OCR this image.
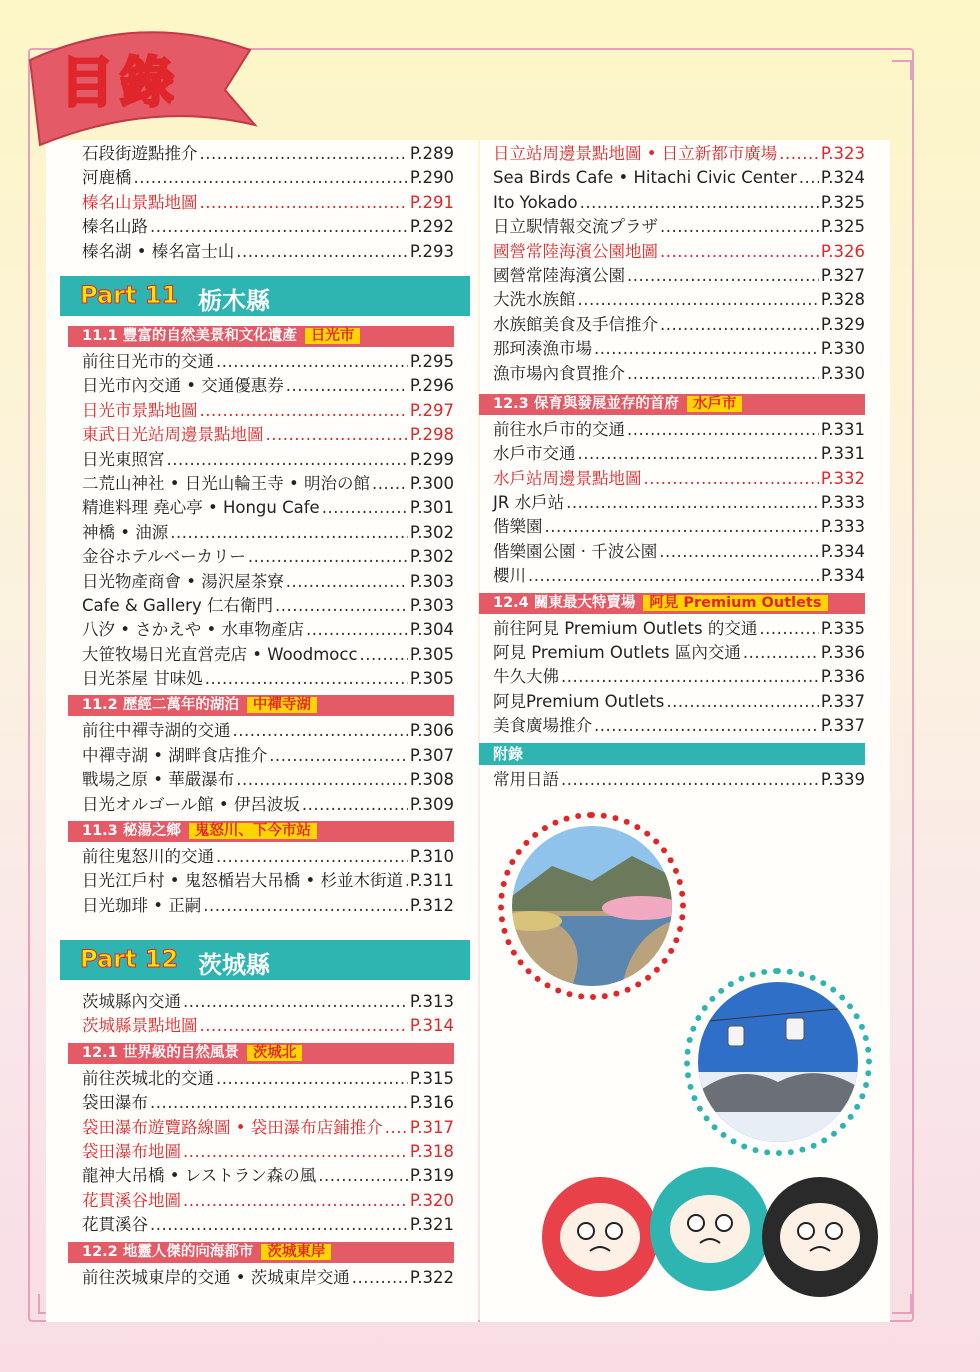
目錄
石段街遊點推介 .....	P.289
河鹿橋 .....	P.290
榛名山景點地圖 .....	P.291
榛名山路 .....	P.292
榛名湖 • 榛名富士山 .....	P.293
Part 11 栃木縣
11.1 豐富的自然美景和文化遺產 日光市
前往日光市的交通 .....	P.295
日光市內交通 • 交通優惠券 .....	P.296
日光市景點地圖 .....	P.297
東武日光站周邊景點地圖 .....	P.298
日光東照宮 .....	P.299
二荒山神社 • 日光山輪王寺 • 明治の館 ..... P.300
精進料理 堯心亭 • Hongu Cafe .....	P.301
神橋 • 油源 .....	P.302
金谷ホテルベーカリー .....	P.302
日光物產商會 • 湯沢屋茶寮 .....	P.303
Cafe & Gallery 仁右衛門 .....	P.303
八汐 • さかえや • 水車物產店 .....	P.304
大笹牧場日光直営売店 • Woodmocc .....	P.305
日光茶屋 甘味処 .....	P.305
11.2 歷經二萬年的湖泊 中禪寺湖
前往中禪寺湖的交通 .....	P.306
中禪寺湖 • 湖畔食店推介 .....	P.307
戰場之原 • 華嚴瀑布 .....	P.308
日光オルゴール館 • 伊呂波坂 .....	P.309
11.3 秘湯之鄉 鬼怒川、下今市站
前往鬼怒川的交通 .....	P.310
日光江戶村 • 鬼怒楯岩大吊橋 • 杉並木街道 ..... P.311
日光珈琲 • 正嗣 .....	P.312
Part 12 茨城縣
茨城縣內交通 .....	P.313
茨城縣景點地圖 .....	P.314
12.1 世界級的自然風景 茨城北
前往茨城北的交通 .....	P.315
袋田瀑布 .....	P.316
袋田瀑布遊覽路線圖 • 袋田瀑布店鋪推介 ..... P.317
袋田瀑布地圖 .....	P.318
龍神大吊橋 • レストラン森の風 .....	P.319
花貫溪谷地圖 .....	P.320
花貫溪谷 .....	P.321
12.2 地靈人傑的向海都市 茨城東岸
前往茨城東岸的交通 • 茨城東岸交通 .....	P.322
日立站周邊景點地圖 • 日立新都市廣場 .....	P.323
Sea Birds Cafe • Hitachi Civic Center ..... P.324
Ito Yokado .....	P.325
日立駅情報交流プラザ .....	P.325
國營常陸海濱公園地圖 .....	P.326
國營常陸海濱公園 .....	P.327
大洗水族館 .....	P.328
水族館美食及手信推介 .....	P.329
那珂湊漁市場 .....	P.330
漁市場內食買推介 .....	P.330
12.3 保育與發展並存的首府 水戶市
前往水戶市的交通 .....	P.331
水戶市交通 .....	P.331
水戶站周邊景點地圖 .....	P.332
JR 水戶站 .....	P.333
偕樂園 .....	P.333
偕樂園公園 · 千波公園 .....	P.334
櫻川 .....	P.334
12.4 關東最大特賣場 阿見 Premium Outlets
前往阿見 Premium Outlets 的交通 .....	P.335
阿見 Premium Outlets 區內交通 .....	P.336
牛久大佛 .....	P.336
阿見Premium Outlets .....	P.337
美食廣場推介 .....	P.337
附錄
常用日語 .....	P.339
